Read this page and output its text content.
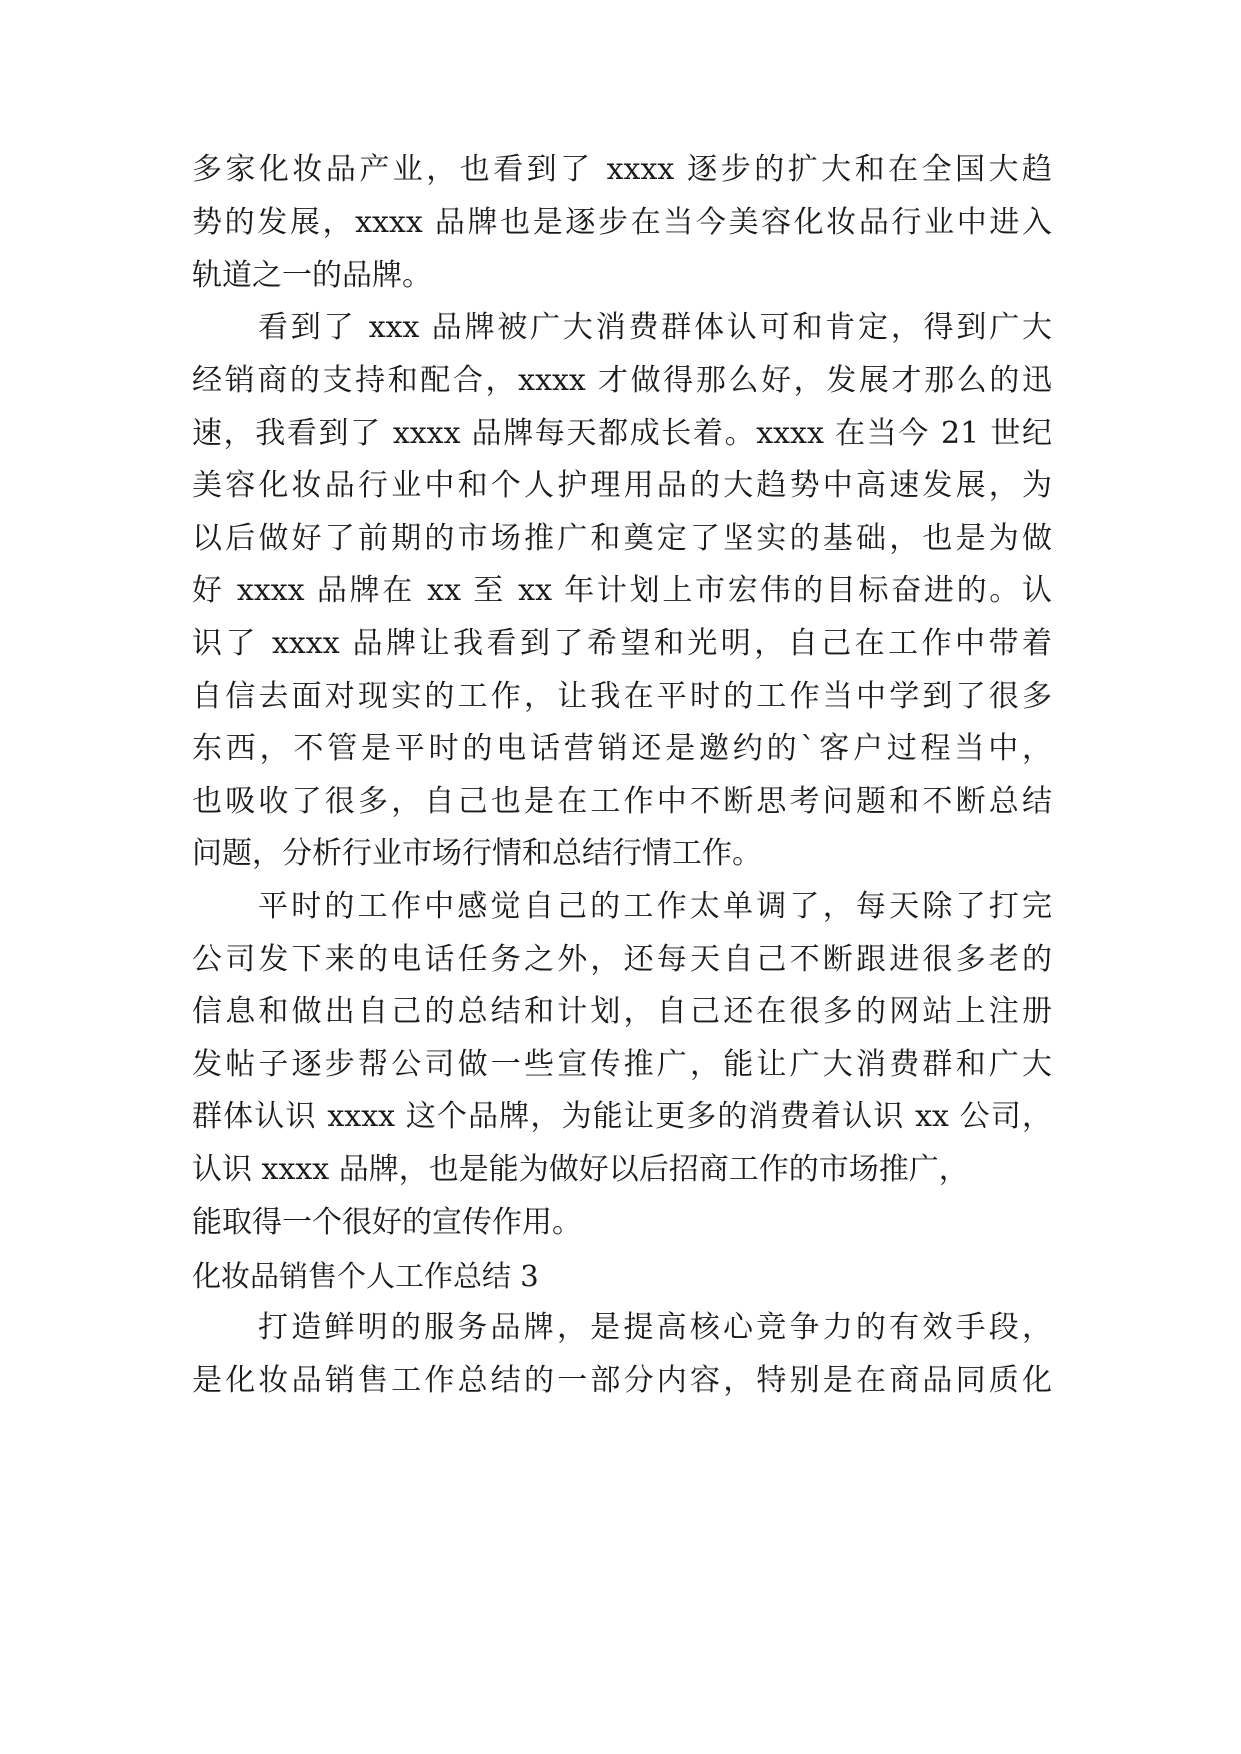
多家化妆品产业，也看到了 xxxx 逐步的扩大和在全国大趋
势的发展，xxxx 品牌也是逐步在当今美容化妆品行业中进入
轨道之一的品牌。
看到了 xxx 品牌被广大消费群体认可和肯定，得到广大
经销商的支持和配合，xxxx 才做得那么好，发展才那么的迅
速，我看到了 xxxx 品牌每天都成长着。xxxx 在当今 21 世纪
美容化妆品行业中和个人护理用品的大趋势中高速发展，为
以后做好了前期的市场推广和奠定了坚实的基础，也是为做
好 xxxx 品牌在 xx 至 xx 年计划上市宏伟的目标奋进的。认
识了 xxxx 品牌让我看到了希望和光明，自己在工作中带着
自信去面对现实的工作，让我在平时的工作当中学到了很多
东西，不管是平时的电话营销还是邀约的`客户过程当中，
也吸收了很多，自己也是在工作中不断思考问题和不断总结
问题，分析行业市场行情和总结行情工作。
平时的工作中感觉自己的工作太单调了，每天除了打完
公司发下来的电话任务之外，还每天自己不断跟进很多老的
信息和做出自己的总结和计划，自己还在很多的网站上注册
发帖子逐步帮公司做一些宣传推广，能让广大消费群和广大
群体认识 xxxx 这个品牌，为能让更多的消费着认识 xx 公司，
认识 xxxx 品牌，也是能为做好以后招商工作的市场推广，
能取得一个很好的宣传作用。
化妆品销售个人工作总结 3
打造鲜明的服务品牌，是提高核心竞争力的有效手段，
是化妆品销售工作总结的一部分内容，特别是在商品同质化
